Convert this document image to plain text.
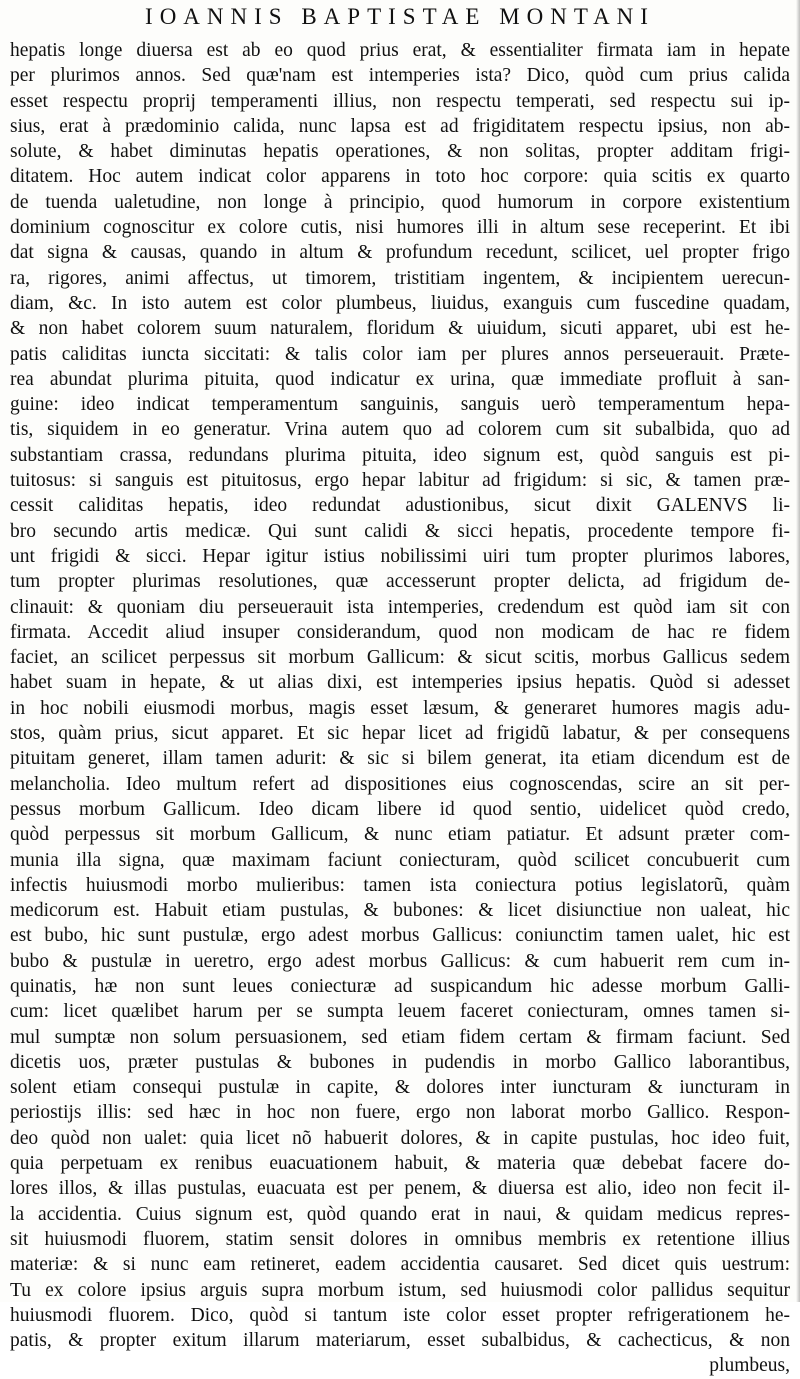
IOANNIS BAPTISTAE MONTANI
hepatis longe diuersa est ab eo quod prius erat, & essentialiter firmata iam in hepate
per plurimos annos. Sed quæ'nam est intemperies ista? Dico, quòd cum prius calida
esset respectu proprij temperamenti illius, non respectu temperati, sed respectu sui ip-
sius, erat à prædominio calida, nunc lapsa est ad frigiditatem respectu ipsius, non ab-
solute, & habet diminutas hepatis operationes, & non solitas, propter additam frigi-
ditatem. Hoc autem indicat color apparens in toto hoc corpore: quia scitis ex quarto
de tuenda ualetudine, non longe à principio, quod humorum in corpore existentium
dominium cognoscitur ex colore cutis, nisi humores illi in altum sese receperint. Et ibi
dat signa & causas, quando in altum & profundum recedunt, scilicet, uel propter frigo
ra, rigores, animi affectus, ut timorem, tristitiam ingentem, & incipientem uerecun-
diam, &c. In isto autem est color plumbeus, liuidus, exanguis cum fuscedine quadam,
& non habet colorem suum naturalem, floridum & uiuidum, sicuti apparet, ubi est he-
patis caliditas iuncta siccitati: & talis color iam per plures annos perseuerauit. Præte-
rea abundat plurima pituita, quod indicatur ex urina, quæ immediate profluit à san-
guine: ideo indicat temperamentum sanguinis, sanguis uerò temperamentum hepa-
tis, siquidem in eo generatur. Vrina autem quo ad colorem cum sit subalbida, quo ad
substantiam crassa, redundans plurima pituita, ideo signum est, quòd sanguis est pi-
tuitosus: si sanguis est pituitosus, ergo hepar labitur ad frigidum: si sic, & tamen præ-
cessit caliditas hepatis, ideo redundat adustionibus, sicut dixit GALENVS li-
bro secundo artis medicæ. Qui sunt calidi & sicci hepatis, procedente tempore fi-
unt frigidi & sicci. Hepar igitur istius nobilissimi uiri tum propter plurimos labores,
tum propter plurimas resolutiones, quæ accesserunt propter delicta, ad frigidum de-
clinauit: & quoniam diu perseuerauit ista intemperies, credendum est quòd iam sit con
firmata. Accedit aliud insuper considerandum, quod non modicam de hac re fidem
faciet, an scilicet perpessus sit morbum Gallicum: & sicut scitis, morbus Gallicus sedem
habet suam in hepate, & ut alias dixi, est intemperies ipsius hepatis. Quòd si adesset
in hoc nobili eiusmodi morbus, magis esset læsum, & generaret humores magis adu-
stos, quàm prius, sicut apparet. Et sic hepar licet ad frigidũ labatur, & per consequens
pituitam generet, illam tamen adurit: & sic si bilem generat, ita etiam dicendum est de
melancholia. Ideo multum refert ad dispositiones eius cognoscendas, scire an sit per-
pessus morbum Gallicum. Ideo dicam libere id quod sentio, uidelicet quòd credo,
quòd perpessus sit morbum Gallicum, & nunc etiam patiatur. Et adsunt præter com-
munia illa signa, quæ maximam faciunt coniecturam, quòd scilicet concubuerit cum
infectis huiusmodi morbo mulieribus: tamen ista coniectura potius legislatorũ, quàm
medicorum est. Habuit etiam pustulas, & bubones: & licet disiunctiue non ualeat, hic
est bubo, hic sunt pustulæ, ergo adest morbus Gallicus: coniunctim tamen ualet, hic est
bubo & pustulæ in ueretro, ergo adest morbus Gallicus: & cum habuerit rem cum in-
quinatis, hæ non sunt leues coniecturæ ad suspicandum hic adesse morbum Galli-
cum: licet quælibet harum per se sumpta leuem faceret coniecturam, omnes tamen si-
mul sumptæ non solum persuasionem, sed etiam fidem certam & firmam faciunt. Sed
dicetis uos, præter pustulas & bubones in pudendis in morbo Gallico laborantibus,
solent etiam consequi pustulæ in capite, & dolores inter iuncturam & iuncturam in
periostijs illis: sed hæc in hoc non fuere, ergo non laborat morbo Gallico. Respon-
deo quòd non ualet: quia licet nõ habuerit dolores, & in capite pustulas, hoc ideo fuit,
quia perpetuam ex renibus euacuationem habuit, & materia quæ debebat facere do-
lores illos, & illas pustulas, euacuata est per penem, & diuersa est alio, ideo non fecit il-
la accidentia. Cuius signum est, quòd quando erat in naui, & quidam medicus repres-
sit huiusmodi fluorem, statim sensit dolores in omnibus membris ex retentione illius
materiæ: & si nunc eam retineret, eadem accidentia causaret. Sed dicet quis uestrum:
Tu ex colore ipsius arguis supra morbum istum, sed huiusmodi color pallidus sequitur
huiusmodi fluorem. Dico, quòd si tantum iste color esset propter refrigerationem he-
patis, & propter exitum illarum materiarum, esset subalbidus, & cachecticus, & non
plumbeus,
